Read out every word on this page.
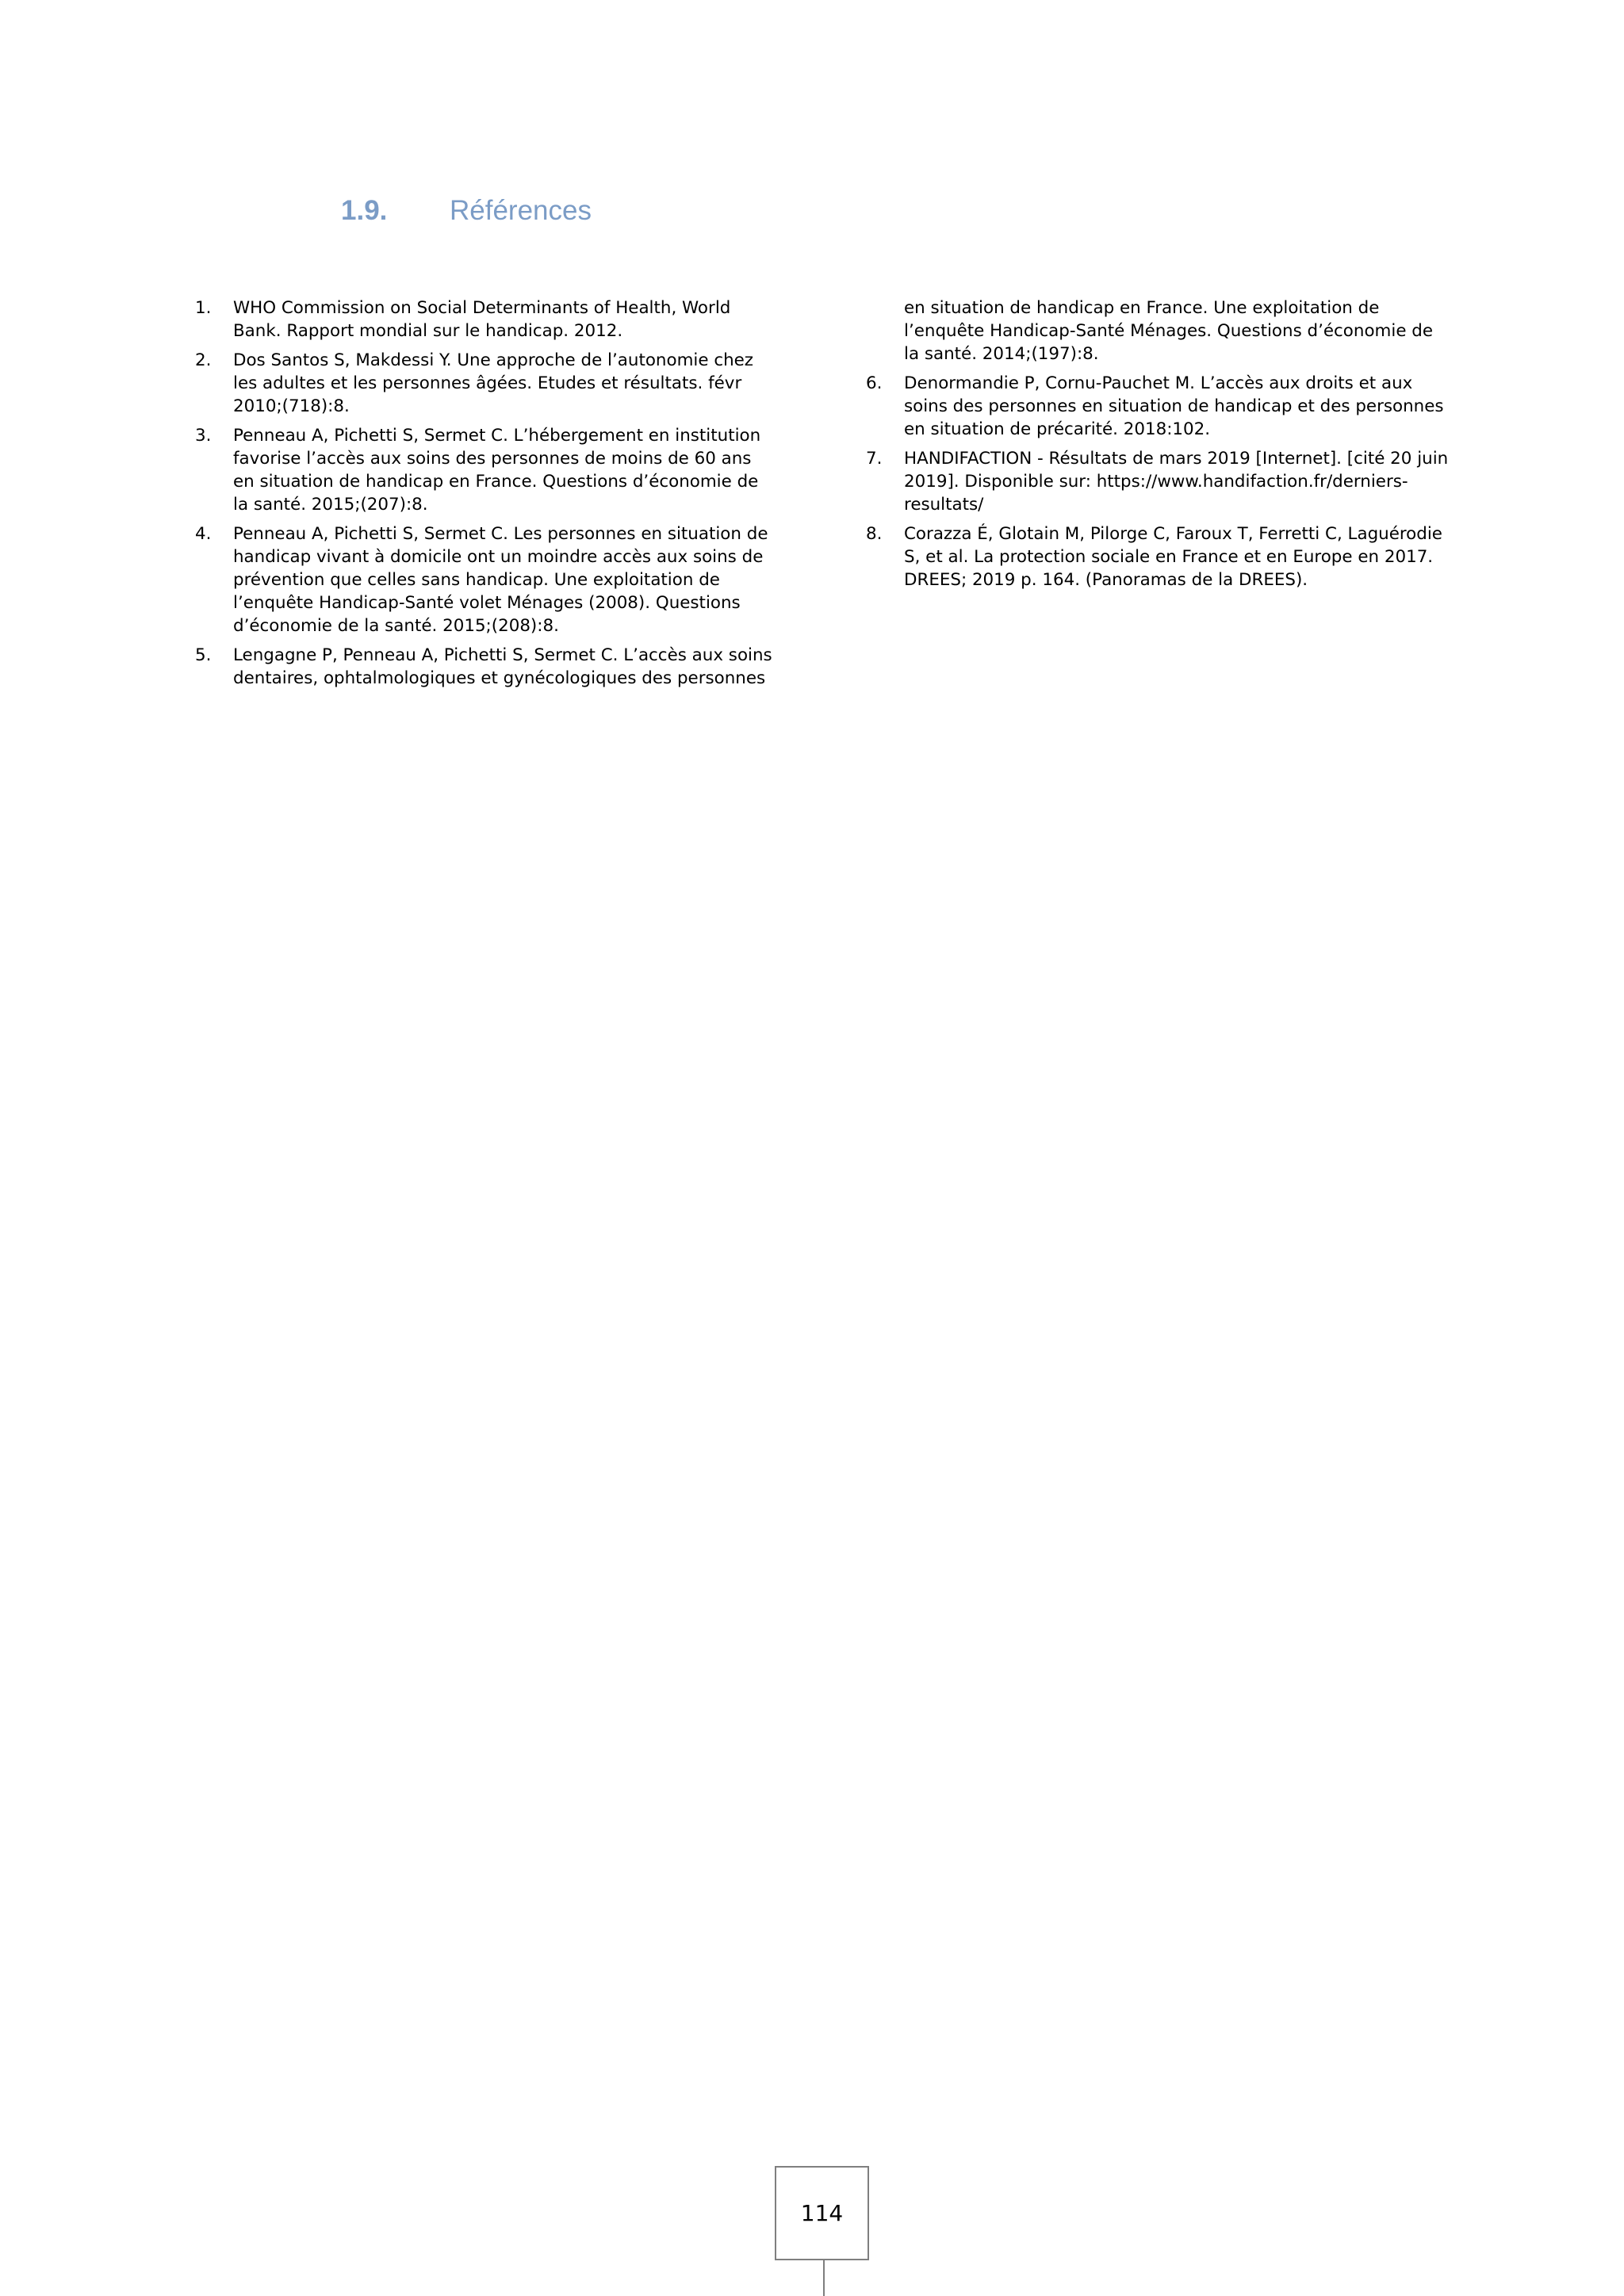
1.9.	Références
1. WHO Commission on Social Determinants of Health, World Bank. Rapport mondial sur le handicap. 2012.
2. Dos Santos S, Makdessi Y. Une approche de l’autonomie chez les adultes et les personnes âgées. Etudes et résultats. févr 2010;(718):8.
3. Penneau A, Pichetti S, Sermet C. L’hébergement en institution favorise l’accès aux soins des personnes de moins de 60 ans en situation de handicap en France. Questions d’économie de la santé. 2015;(207):8.
4. Penneau A, Pichetti S, Sermet C. Les personnes en situation de handicap vivant à domicile ont un moindre accès aux soins de prévention que celles sans handicap. Une exploitation de l’enquête Handicap-Santé volet Ménages (2008). Questions d’économie de la santé. 2015;(208):8.
5. Lengagne P, Penneau A, Pichetti S, Sermet C. L’accès aux soins dentaires, ophtalmologiques et gynécologiques des personnes
en situation de handicap en France. Une exploitation de l’enquête Handicap-Santé Ménages. Questions d’économie de la santé. 2014;(197):8.
6. Denormandie P, Cornu-Pauchet M. L’accès aux droits et aux soins des personnes en situation de handicap et des personnes en situation de précarité. 2018:102.
7. HANDIFACTION - Résultats de mars 2019 [Internet]. [cité 20 juin 2019]. Disponible sur: https://www.handifaction.fr/derniers-resultats/
8. Corazza É, Glotain M, Pilorge C, Faroux T, Ferretti C, Laguérodie S, et al. La protection sociale en France et en Europe en 2017. DREES; 2019 p. 164. (Panoramas de la DREES).
114
